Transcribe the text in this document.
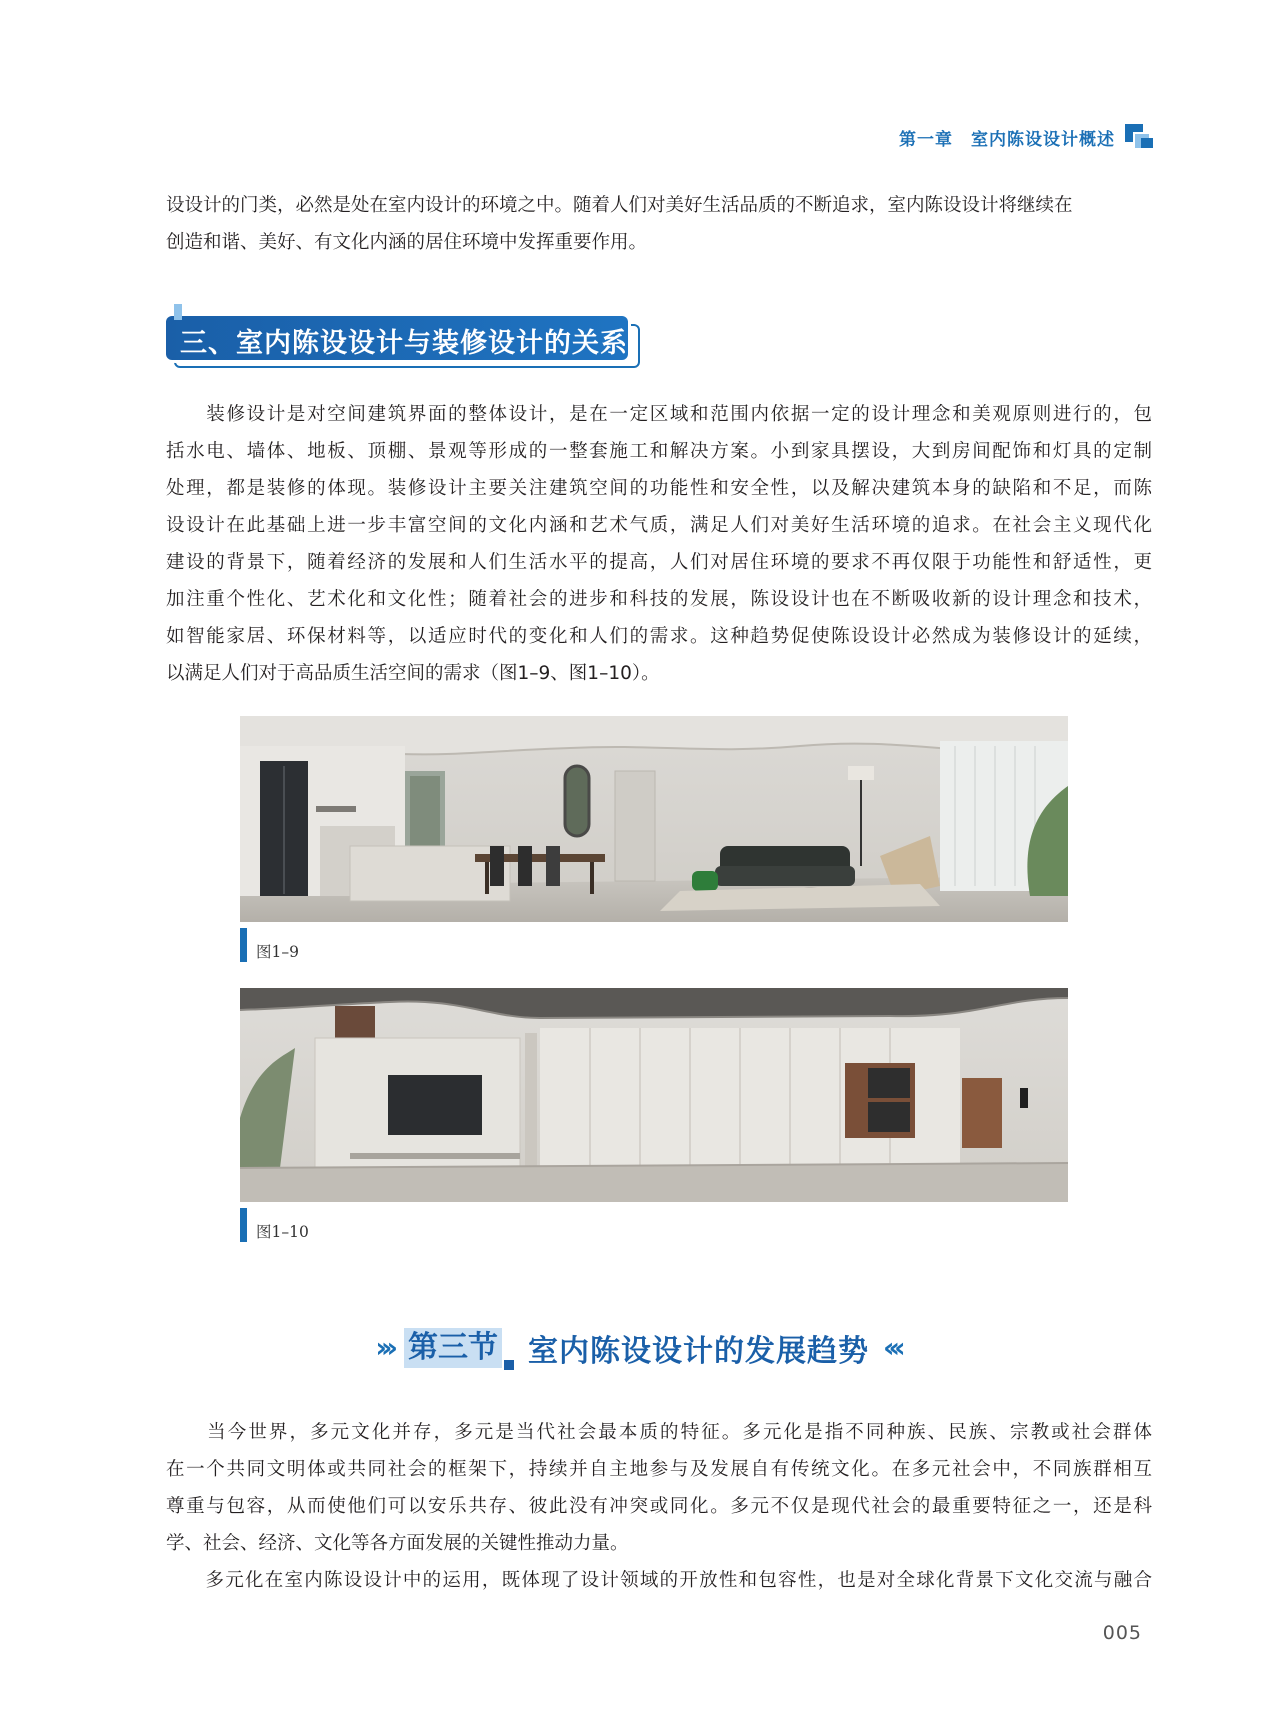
第一章　室内陈设设计概述
设设计的门类，必然是处在室内设计的环境之中。随着人们对美好生活品质的不断追求，室内陈设设计将继续在
创造和谐、美好、有文化内涵的居住环境中发挥重要作用。
三、室内陈设设计与装修设计的关系
　　装修设计是对空间建筑界面的整体设计，是在一定区域和范围内依据一定的设计理念和美观原则进行的，包
括水电、墙体、地板、顶棚、景观等形成的一整套施工和解决方案。小到家具摆设，大到房间配饰和灯具的定制
处理，都是装修的体现。装修设计主要关注建筑空间的功能性和安全性，以及解决建筑本身的缺陷和不足，而陈
设设计在此基础上进一步丰富空间的文化内涵和艺术气质，满足人们对美好生活环境的追求。在社会主义现代化
建设的背景下，随着经济的发展和人们生活水平的提高，人们对居住环境的要求不再仅限于功能性和舒适性，更
加注重个性化、艺术化和文化性；随着社会的进步和科技的发展，陈设设计也在不断吸收新的设计理念和技术，
如智能家居、环保材料等，以适应时代的变化和人们的需求。这种趋势促使陈设设计必然成为装修设计的延续，
以满足人们对于高品质生活空间的需求（图1–9、图1–10）。
图1–9
图1–10
››› 第三节 室内陈设设计的发展趋势 ‹‹‹
　　当今世界，多元文化并存，多元是当代社会最本质的特征。多元化是指不同种族、民族、宗教或社会群体
在一个共同文明体或共同社会的框架下，持续并自主地参与及发展自有传统文化。在多元社会中，不同族群相互
尊重与包容，从而使他们可以安乐共存、彼此没有冲突或同化。多元不仅是现代社会的最重要特征之一，还是科
学、社会、经济、文化等各方面发展的关键性推动力量。
　　多元化在室内陈设设计中的运用，既体现了设计领域的开放性和包容性，也是对全球化背景下文化交流与融合
005
